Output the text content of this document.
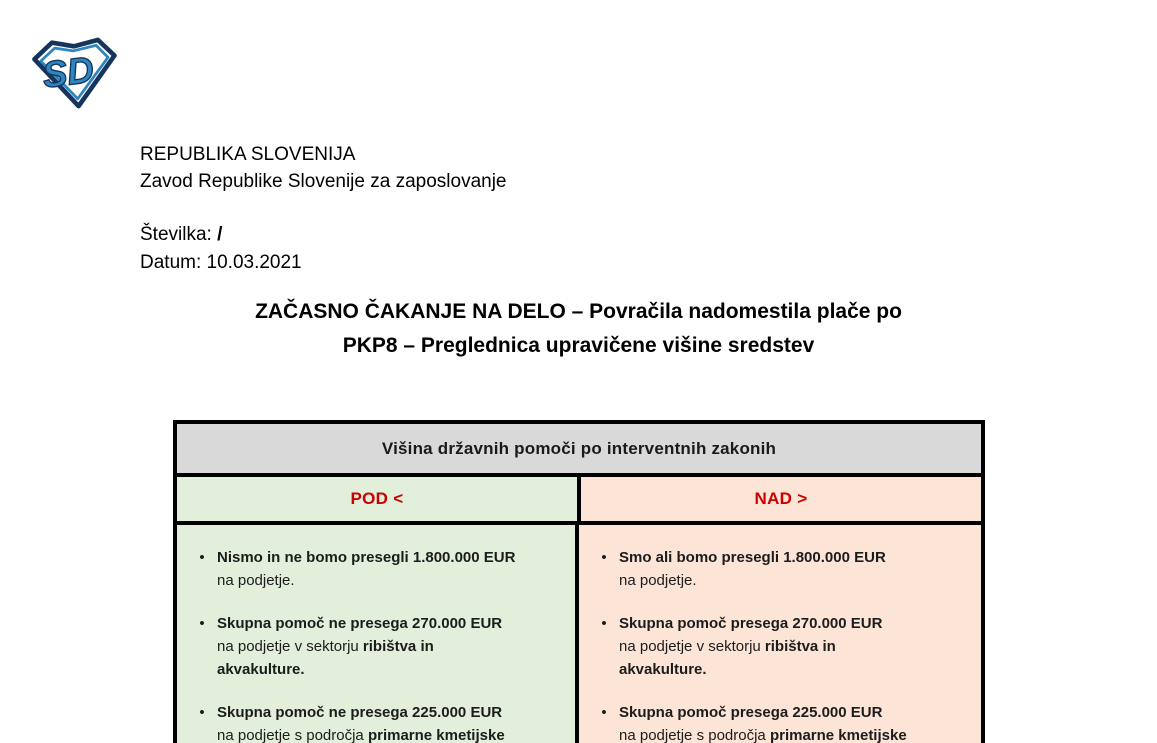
SD
REPUBLIKA SLOVENIJA
Zavod Republike Slovenije za zaposlovanje
Številka: /
Datum: 10.03.2021
ZAČASNO ČAKANJE NA DELO – Povračila nadomestila plače po
PKP8 – Preglednica upravičene višine sredstev
Višina državnih pomoči po interventnih zakonih
POD <	NAD >
• Nismo in ne bomo presegli 1.800.000 EUR
na podjetje.
• Skupna pomoč ne presega 270.000 EUR
na podjetje v sektorju ribištva in
akvakulture.
• Skupna pomoč ne presega 225.000 EUR
na podjetje s področja primarne kmetijske
• Smo ali bomo presegli 1.800.000 EUR
na podjetje.
• Skupna pomoč presega 270.000 EUR
na podjetje v sektorju ribištva in
akvakulture.
• Skupna pomoč presega 225.000 EUR
na podjetje s področja primarne kmetijske
